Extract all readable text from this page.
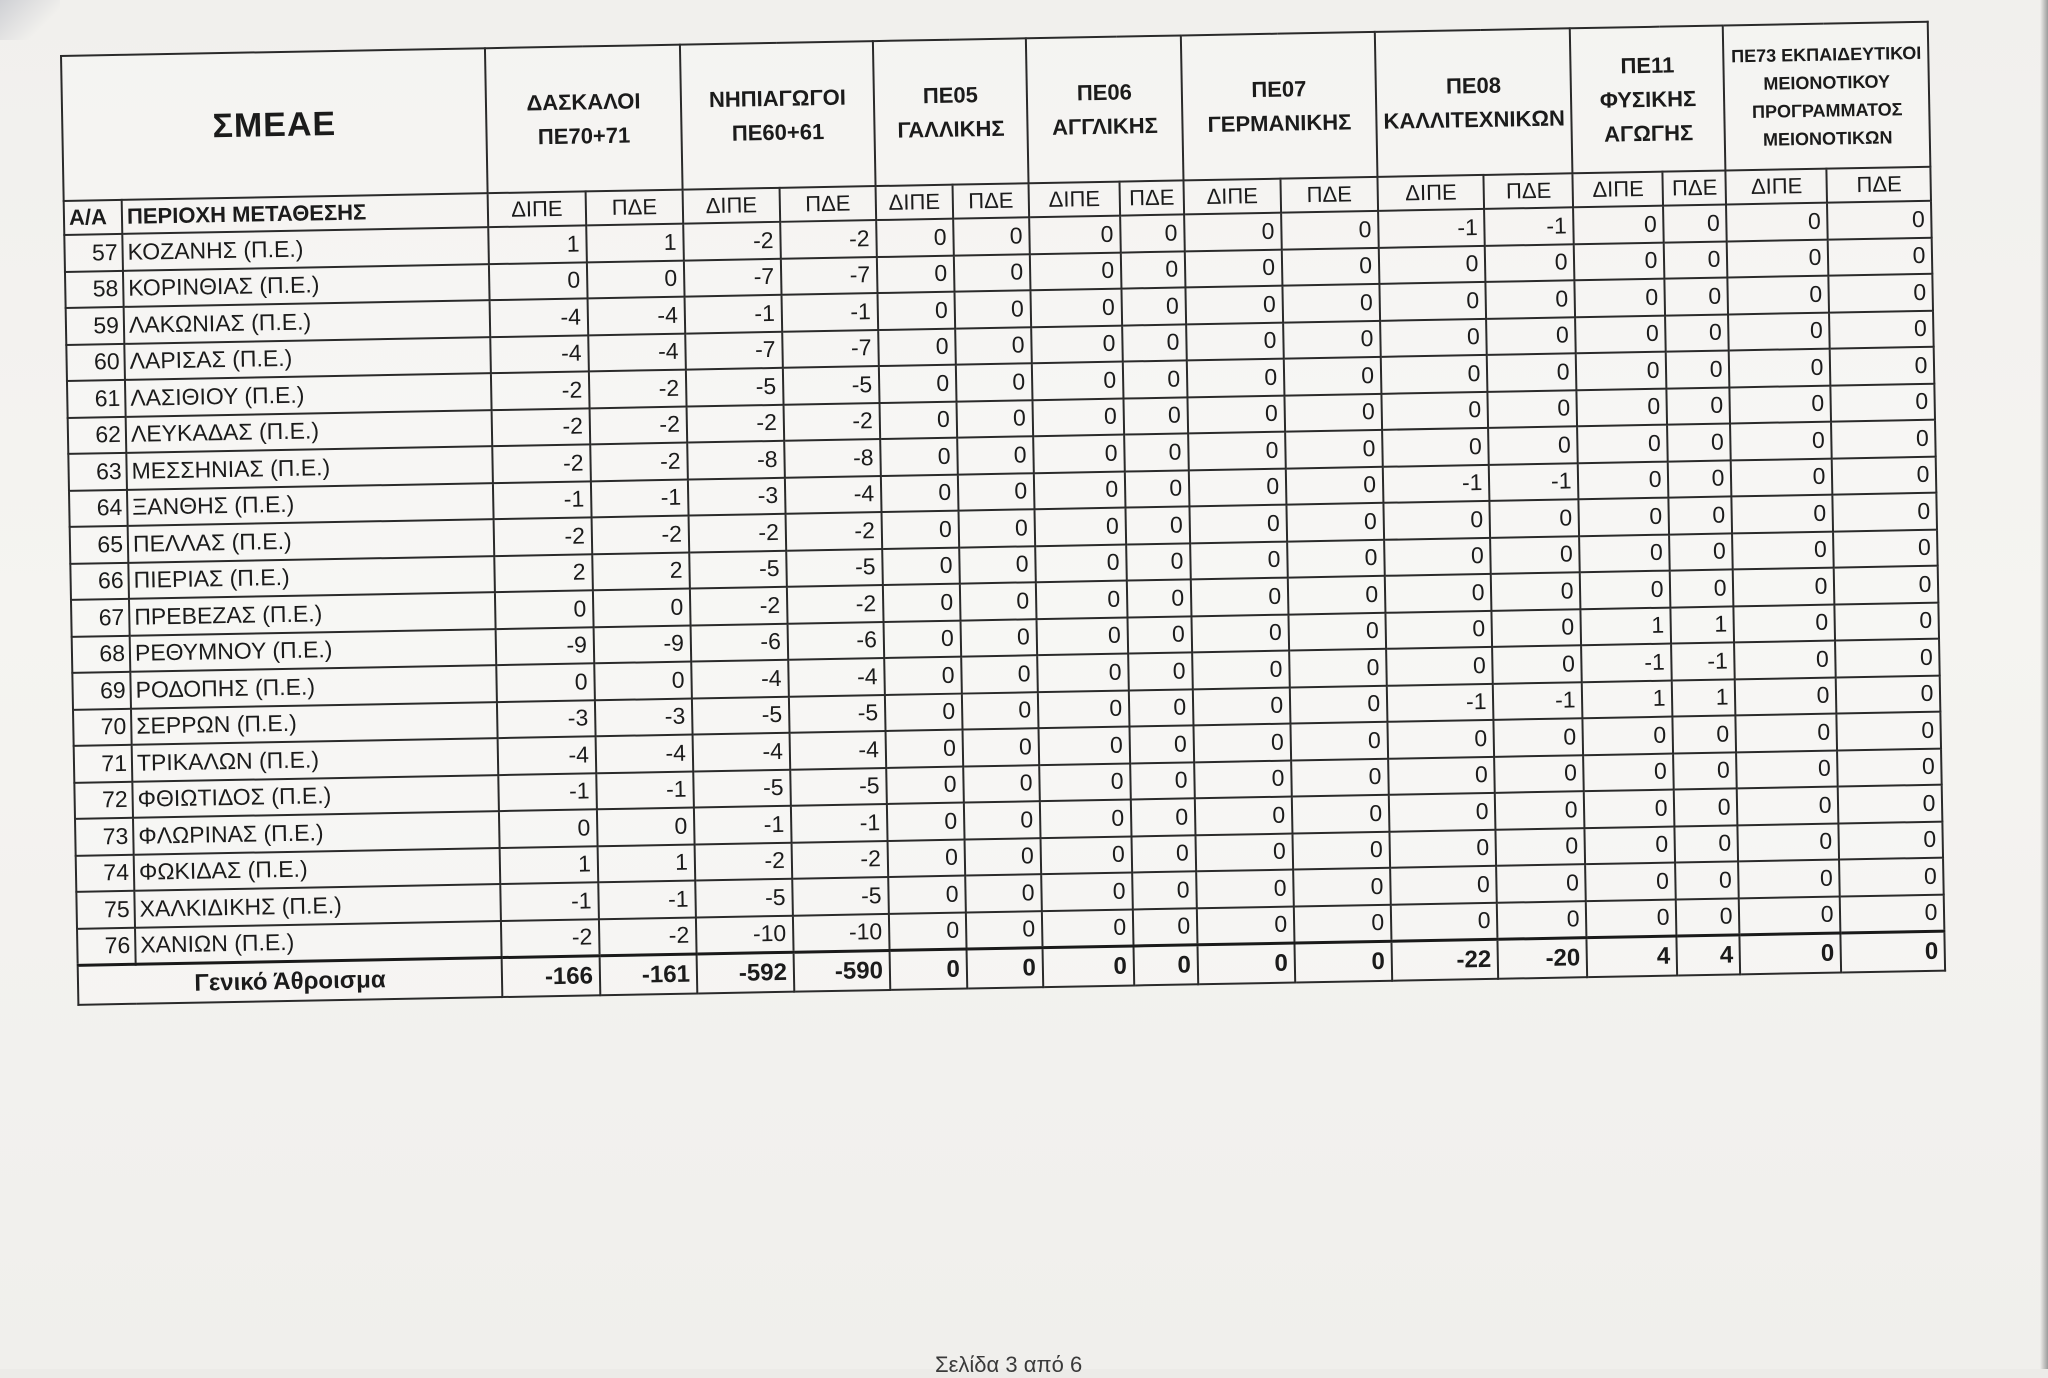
ΣΜΕΑΕ		ΔΑΣΚΑΛΟΙ ΠΕ70+71		ΝΗΠΙΑΓΩΓΟΙ ΠΕ60+61		ΠΕ05 ΓΑΛΛΙΚΗΣ		ΠΕ06 ΑΓΓΛΙΚΗΣ		ΠΕ07 ΓΕΡΜΑΝΙΚΗΣ		ΠΕ08 ΚΑΛΛΙΤΕΧΝΙΚΩΝ		ΠΕ11 ΦΥΣΙΚΗΣ ΑΓΩΓΗΣ		ΠΕ73 ΕΚΠΑΙΔΕΥΤΙΚΟΙ ΜΕΙΟΝΟΤΙΚΟΥ ΠΡΟΓΡΑΜΜΑΤΟΣ ΜΕΙΟΝΟΤΙΚΩΝ	
Α/Α	ΠΕΡΙΟΧΗ ΜΕΤΑΘΕΣΗΣ	ΔΙΠΕ	ΠΔΕ	ΔΙΠΕ	ΠΔΕ	ΔΙΠΕ	ΠΔΕ	ΔΙΠΕ	ΠΔΕ	ΔΙΠΕ	ΠΔΕ	ΔΙΠΕ	ΠΔΕ	ΔΙΠΕ	ΠΔΕ	ΔΙΠΕ	ΠΔΕ
57	ΚΟΖΑΝΗΣ (Π.Ε.)	1	1	-2	-2	0	0	0	0	0	0	-1	-1	0	0	0	0
58	ΚΟΡΙΝΘΙΑΣ (Π.Ε.)	0	0	-7	-7	0	0	0	0	0	0	0	0	0	0	0	0
59	ΛΑΚΩΝΙΑΣ (Π.Ε.)	-4	-4	-1	-1	0	0	0	0	0	0	0	0	0	0	0	0
60	ΛΑΡΙΣΑΣ (Π.Ε.)	-4	-4	-7	-7	0	0	0	0	0	0	0	0	0	0	0	0
61	ΛΑΣΙΘΙΟΥ (Π.Ε.)	-2	-2	-5	-5	0	0	0	0	0	0	0	0	0	0	0	0
62	ΛΕΥΚΑΔΑΣ (Π.Ε.)	-2	-2	-2	-2	0	0	0	0	0	0	0	0	0	0	0	0
63	ΜΕΣΣΗΝΙΑΣ (Π.Ε.)	-2	-2	-8	-8	0	0	0	0	0	0	0	0	0	0	0	0
64	ΞΑΝΘΗΣ (Π.Ε.)	-1	-1	-3	-4	0	0	0	0	0	0	-1	-1	0	0	0	0
65	ΠΕΛΛΑΣ (Π.Ε.)	-2	-2	-2	-2	0	0	0	0	0	0	0	0	0	0	0	0
66	ΠΙΕΡΙΑΣ (Π.Ε.)	2	2	-5	-5	0	0	0	0	0	0	0	0	0	0	0	0
67	ΠΡΕΒΕΖΑΣ (Π.Ε.)	0	0	-2	-2	0	0	0	0	0	0	0	0	0	0	0	0
68	ΡΕΘΥΜΝΟΥ (Π.Ε.)	-9	-9	-6	-6	0	0	0	0	0	0	0	0	1	1	0	0
69	ΡΟΔΟΠΗΣ (Π.Ε.)	0	0	-4	-4	0	0	0	0	0	0	0	0	-1	-1	0	0
70	ΣΕΡΡΩΝ (Π.Ε.)	-3	-3	-5	-5	0	0	0	0	0	0	-1	-1	1	1	0	0
71	ΤΡΙΚΑΛΩΝ (Π.Ε.)	-4	-4	-4	-4	0	0	0	0	0	0	0	0	0	0	0	0
72	ΦΘΙΩΤΙΔΟΣ (Π.Ε.)	-1	-1	-5	-5	0	0	0	0	0	0	0	0	0	0	0	0
73	ΦΛΩΡΙΝΑΣ (Π.Ε.)	0	0	-1	-1	0	0	0	0	0	0	0	0	0	0	0	0
74	ΦΩΚΙΔΑΣ (Π.Ε.)	1	1	-2	-2	0	0	0	0	0	0	0	0	0	0	0	0
75	ΧΑΛΚΙΔΙΚΗΣ (Π.Ε.)	-1	-1	-5	-5	0	0	0	0	0	0	0	0	0	0	0	0
76	ΧΑΝΙΩΝ (Π.Ε.)	-2	-2	-10	-10	0	0	0	0	0	0	0	0	0	0	0	0
Γενικό Άθροισμα		-166	-161	-592	-590	0	0	0	0	0	0	-22	-20	4	4	0	0
Σελίδα 3 από 6
